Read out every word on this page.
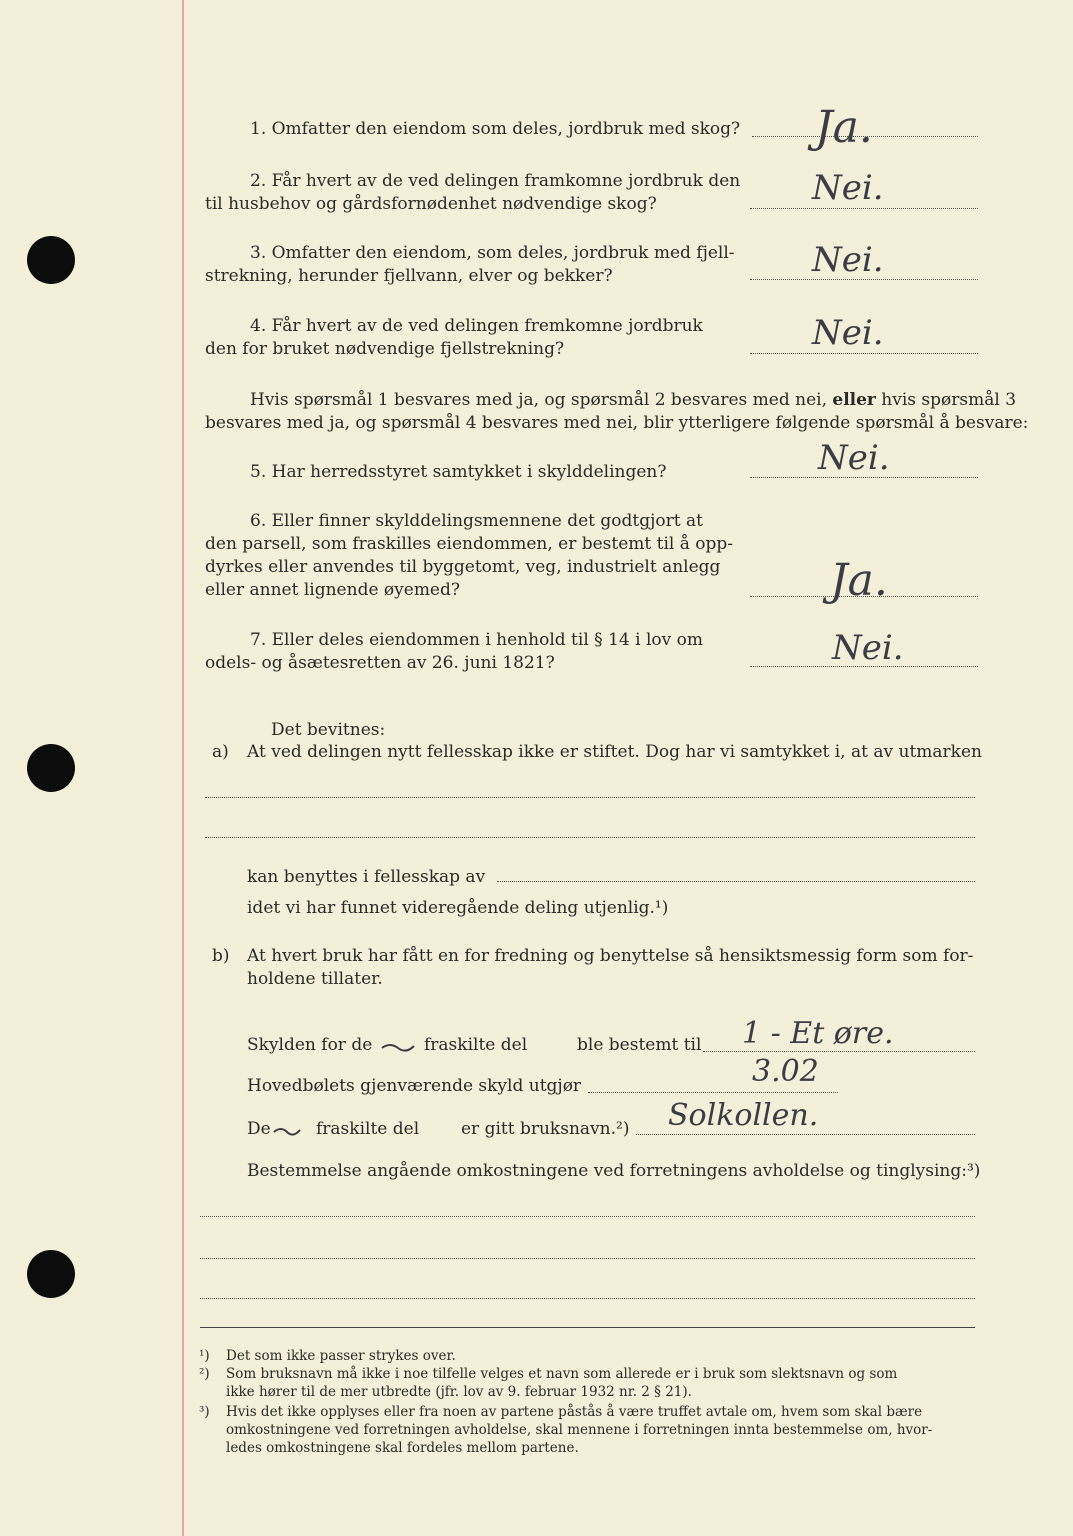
1. Omfatter den eiendom som deles, jordbruk med skog? Ja.
2. Får hvert av de ved delingen framkomne jordbruk den
til husbehov og gårdsfornødenhet nødvendige skog?	Nei.
3. Omfatter den eiendom, som deles, jordbruk med fjell-
strekning, herunder fjellvann, elver og bekker?	Nei.
4. Får hvert av de ved delingen fremkomne jordbruk
den for bruket nødvendige fjellstrekning?	Nei.
Hvis spørsmål 1 besvares med ja, og spørsmål 2 besvares med nei, eller hvis spørsmål 3
besvares med ja, og spørsmål 4 besvares med nei, blir ytterligere følgende spørsmål å besvare:
5. Har herredsstyret samtykket i skylddelingen?	Nei.
6. Eller finner skylddelingsmennene det godtgjort at
den parsell, som fraskilles eiendommen, er bestemt til å opp-
dyrkes eller anvendes til byggetomt, veg, industrielt anlegg
eller annet lignende øyemed?	Ja.
7. Eller deles eiendommen i henhold til § 14 i lov om
odels- og åsætesretten av 26. juni 1821?	Nei.
Det bevitnes:
a) At ved delingen nytt fellesskap ikke er stiftet. Dog har vi samtykket i, at av utmarken
kan benyttes i fellesskap av
idet vi har funnet videregående deling utjenlig.¹)
b) At hvert bruk har fått en for fredning og benyttelse så hensiktsmessig form som for-
holdene tillater.
Skylden for de	fraskilte del	ble bestemt til 1 - Et øre.
Hovedbølets gjenværende skyld utgjør	3.02
De	fraskilte del er gitt bruksnavn.²) Solkollen.
Bestemmelse angående omkostningene ved forretningens avholdelse og tinglysing:³)
¹) Det som ikke passer strykes over.
²) Som bruksnavn må ikke i noe tilfelle velges et navn som allerede er i bruk som slektsnavn og som
ikke hører til de mer utbredte (jfr. lov av 9. februar 1932 nr. 2 § 21).
³) Hvis det ikke opplyses eller fra noen av partene påstås å være truffet avtale om, hvem som skal bære
omkostningene ved forretningen avholdelse, skal mennene i forretningen innta bestemmelse om, hvor-
ledes omkostningene skal fordeles mellom partene.
